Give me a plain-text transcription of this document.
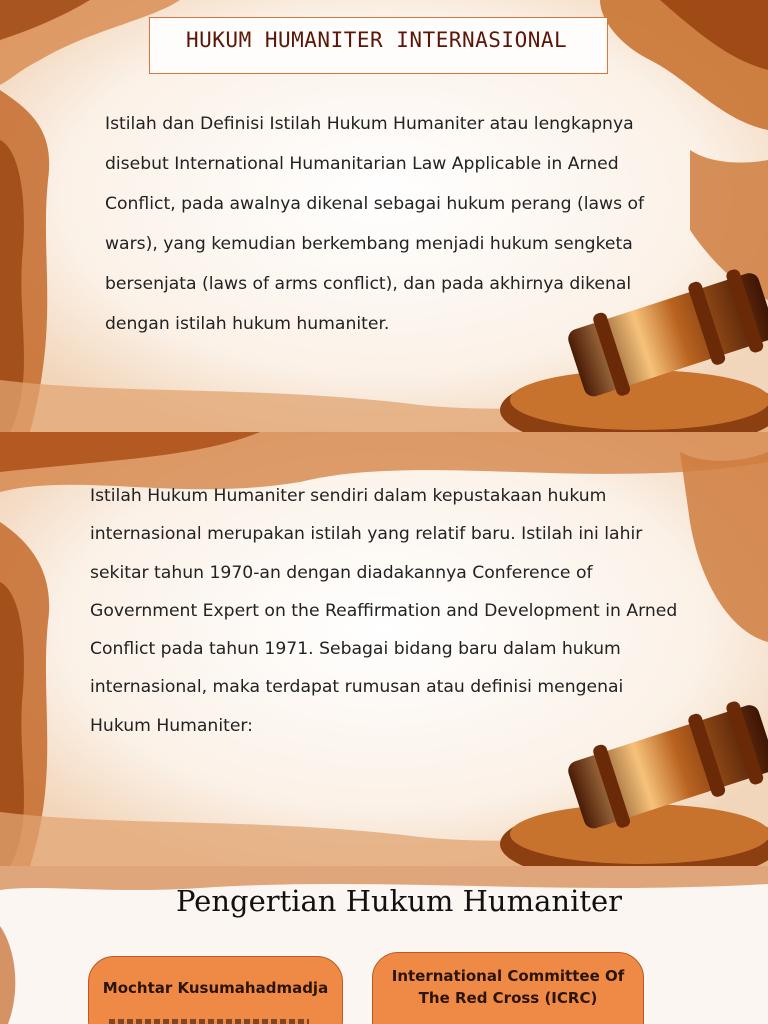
HUKUM HUMANITER INTERNASIONAL
Istilah dan Definisi Istilah Hukum Humaniter atau lengkapnya
disebut International Humanitarian Law Applicable in Arned
Conflict, pada awalnya dikenal sebagai hukum perang (laws of
wars), yang kemudian berkembang menjadi hukum sengketa
bersenjata (laws of arms conflict), dan pada akhirnya dikenal
dengan istilah hukum humaniter.
Istilah Hukum Humaniter sendiri dalam kepustakaan hukum
internasional merupakan istilah yang relatif baru. Istilah ini lahir
sekitar tahun 1970-an dengan diadakannya Conference of
Government Expert on the Reaffirmation and Development in Arned
Conflict pada tahun 1971. Sebagai bidang baru dalam hukum
internasional, maka terdapat rumusan atau definisi mengenai
Hukum Humaniter:
Pengertian Hukum Humaniter
Mochtar Kusumahadmadja
International Committee Of
The Red Cross (ICRC)
